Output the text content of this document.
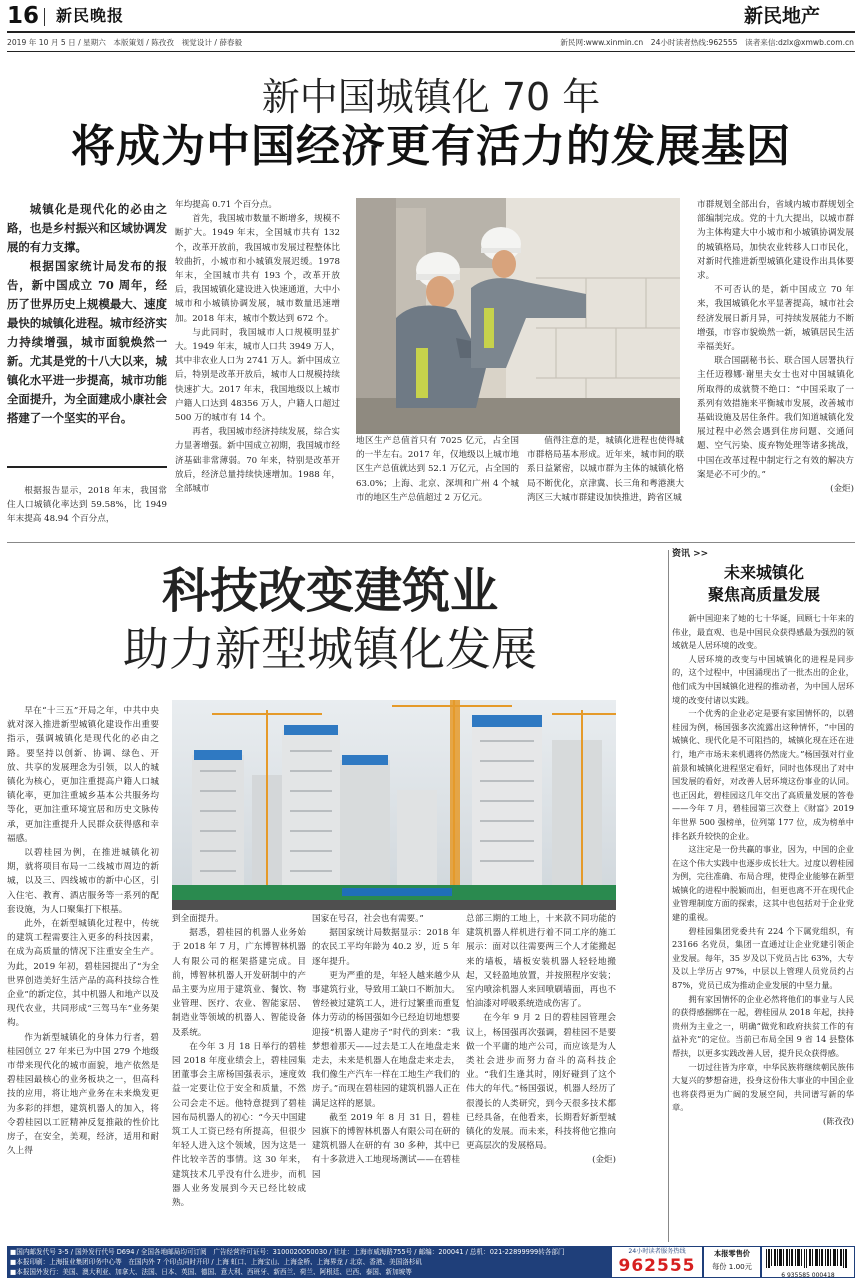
16 新民晚报	新民地产
2019 年 10 月 5 日 / 星期六　本版策划 / 陈孜孜　视觉设计 / 薛春毅	新民网:www.xinmin.cn　24小时读者热线:962555　读者来信:dzlx@xmwb.com.cn
新中国城镇化 70 年
将成为中国经济更有活力的发展基因

城镇化是现代化的必由之路，也是乡村振兴和区域协调发展的有力支撑。

根据国家统计局发布的报告，新中国成立 70 周年，经历了世界历史上规模最大、速度最快的城镇化进程。城市经济实力持续增强，城市面貌焕然一新。尤其是党的十八大以来，城镇化水平进一步提高，城市功能全面提升，为全面建成小康社会搭建了一个坚实的平台。

根据报告显示，2018 年末，我国常住人口城镇化率达到 59.58%，比 1949 年末提高 48.94 个百分点，

年均提高 0.71 个百分点。

首先，我国城市数量不断增多，规模不断扩大。1949 年末，全国城市共有 132 个，改革开放前，我国城市发展过程整体比较曲折，小城市和小城镇发展迟缓。1978 年末，全国城市共有 193 个，改革开放后，我国城镇化建设进入快速通道，大中小城市和小城镇协调发展，城市数量迅速增加。2018 年末，城市个数达到 672 个。

与此同时，我国城市人口规模明显扩大。1949 年末，城市人口共 3949 万人，其中非农业人口为 2741 万人。新中国成立后，特别是改革开放后，城市人口规模持续快速扩大。2017 年末，我国地级以上城市户籍人口达到 48356 万人，户籍人口超过 500 万的城市有 14 个。

再者，我国城市经济持续发展，综合实力显著增强。新中国成立初期，我国城市经济基础非常薄弱。70 年来，特别是改革开放后，经济总量持续快速增加。1988 年，全部城市

地区生产总值首只有 7025 亿元，占全国的一半左右。2017 年，仅地级以上城市地区生产总值就达到 52.1 万亿元，占全国的 63.0%；上海、北京、深圳和广州 4 个城市的地区生产总值超过 2 万亿元。

值得注意的是，城镇化进程也使得城市群格局基本形成。近年来，城市间的联系日益紧密，以城市群为主体的城镇化格局不断优化，京津冀、长三角和粤港澳大湾区三大城市群建设加快推进，跨省区城

市群规划全部出台，省域内城市群规划全部编制完成。党的十九大提出，以城市群为主体构建大中小城市和小城镇协调发展的城镇格局，加快农业转移人口市民化，对新时代推进新型城镇化建设作出具体要求。

不可否认的是，新中国成立 70 年来，我国城镇化水平显著提高，城市社会经济发展日新月异，可持续发展能力不断增强，市容市貌焕然一新，城镇居民生活幸福美好。

联合国副秘书长、联合国人居署执行主任迈穆娜·谢里夫女士也对中国城镇化所取得的成就赞不绝口：“中国采取了一系列有效措施来平衡城市发展，改善城市基础设施及居住条件。我们知道城镇化发展过程中必然会遇到住房问题、交通问题、空气污染、废弃物处理等诸多挑战，中国在改革过程中制定行之有效的解决方案是必不可少的。”

(金炬)

科技改变建筑业
助力新型城镇化发展

早在“十三五”开局之年，中共中央就对深入推进新型城镇化建设作出重要指示，强调城镇化是现代化的必由之路。要坚持以创新、协调、绿色、开放、共享的发展理念为引领，以人的城镇化为核心，更加注重提高户籍人口城镇化率，更加注重城乡基本公共服务均等化，更加注重环境宜居和历史文脉传承，更加注重提升人民群众获得感和幸福感。

以碧桂园为例，在推进城镇化初期，就将项目布局一二线城市周边的新城，以及三、四线城市的新中心区，引入住宅、教育、酒店服务等一系列的配套设施，为人口聚集打下根基。

此外，在新型城镇化过程中，传统的建筑工程需要注入更多的科技因素，在成为高质量的情况下注重安全生产。为此，2019 年初，碧桂园提出了“为全世界创造美好生活产品的高科技综合性企业”的新定位，其中机器人和地产以及现代农业，共同形成“三驾马车”业务架构。

作为新型城镇化的身体力行者，碧桂园创立 27 年来已为中国 279 个地级市带来现代化的城市面貌，地产依然是碧桂园最核心的业务板块之一，但高科技的应用，将让地产业务在未来焕发更为多彩的拌想，建筑机器人的加入，将令碧桂园以工匠精神反复推敲的性价比房子，在安全，美观，经济，适用和耐久上得

到全面提升。

据悉，碧桂园的机器人业务始于 2018 年 7 月，广东博智林机器人有限公司的框架搭建完成。目前，博智林机器人开发研制中的产品主要为应用于建筑业、餐饮、物业管理、医疗、农业、智能家居、制造业等领域的机器人、智能设备及系统。

在今年 3 月 18 日举行的碧桂园 2018 年度业绩会上，碧桂园集团董事会主席杨国强表示，速度效益一定要让位于安全和质量，不然公司会走不远。他特意提到了碧桂园布局机器人的初心：“今天中国建筑工人工资已经有所提高，但很少年轻人进入这个领域，因为这是一件比较辛苦的事情。这 30 年来，建筑技术几乎没有什么进步，而机器人业务发展到今天已经比较成熟。

国家在号召，社会也有需要。”

据国家统计局数据显示：2018 年的农民工平均年龄为 40.2 岁，近 5 年逐年提升。

更为严重的是，年轻人越来越少从事建筑行业，导致用工缺口不断加大。曾经被过建筑工人，进行过繁重而重复体力劳动的杨国强如今已经迫切地想要迎接“机器人建房子”时代的到来：“我梦想着那天——过去是工人在地盘走来走去，未来是机器人在地盘走来走去，我们像生产汽车一样在工地生产我们的房子。”而现在碧桂园的建筑机器人正在满足这样的愿景。

截至 2019 年 8 月 31 日，碧桂园旗下的博智林机器人有限公司在研的建筑机器人在研的有 30 多种，其中已有十多款进入工地现场测试——在碧桂园

总部三期的工地上，十来款不同功能的建筑机器人样机进行着不同工序的施工展示：面对以往需要两三个人才能搬起来的墙板，墙板安装机器人轻轻地搬起，又轻盈地放置，并按照程序安装；室内喷涂机器人来回喷刷墙面，再也不怕油漆对呼吸系统造成伤害了。

在今年 9 月 2 日的碧桂园管理会议上，杨国强再次强调，碧桂园不是要做一个平庸的地产公司，而应该是为人类社会进步而努力奋斗的高科技企业。“我们生逢其时，刚好碰到了这个伟大的年代。”杨国强说，机器人经历了很漫长的人类研究，到今天很多技术都已经具备，在他看来，长期看好新型城镇化的发展。而未来，科技将他它推向更高层次的发展格局。

(金炬)

资讯 >>
未来城镇化
聚焦高质量发展

新中国迎来了她的七十华诞，回顾七十年来的伟业，最直观、也是中国民众获得感最为强烈的领域就是人居环境的改变。

人居环境的改变与中国城镇化的进程是同步的，这个过程中，中国涌现出了一批杰出的企业，他们成为中国城镇化进程的推动者，为中国人居环境的改变付诸以实践。

一个优秀的企业必定是要有家国情怀的，以碧桂园为例，杨国强多次流露出这种情怀，“中国的城镇化、现代化是不可阻挡的，城镇化现在还在进行，地产市场未来机遇将仍然庞大。”杨国强对行业前景和城镇化进程坚定看好，同时也体现出了对中国发展的看好，对改善人居环境这份事业的认同。也正因此，碧桂园这几年交出了高质量发展的答卷——今年 7 月，碧桂园第三次登上《财富》2019 年世界 500 强榜单，位列第 177 位，成为榜单中排名跃升较快的企业。

这注定是一份共赢的事业，因为，中国的企业在这个伟大实践中也逐步成长壮大。过度以碧桂园为例，完往准确、布局合理，使得企业能够在新型城镇化的进程中脱颖而出，但更也离不开在现代企业管理制度方面的探索，这其中也包括对于企业党建的重视。

碧桂园集团党委共有 224 个下属党组织，有 23166 名党员，集团一直通过让企业党建引领企业发展。每年，35 岁及以下党员占比 63%，大专及以上学历占 97%，中层以上管理人员党员约占 87%，党员已成为推动企业发展的中坚力量。

拥有家国情怀的企业必然将他们的事业与人民的获得感捆绑在一起，碧桂园从 2018 年起，扶持贵州为主业之一，明确“做党和政府扶贫工作的有益补充”的定位。当前已布局全国 9 省 14 县整体帮扶，以更多实践改善人居，提升民众获得感。

一切过往皆为序章，中华民族将继续朝民族伟大复兴的梦想奋进，投身这份伟大事业的中国企业也将获得更为广阔的发展空间，共同谱写新的华章。

(陈孜孜)

■国内邮发代号 3-5 / 国外发行代号 D694 / 全国各地邮局均可订阅　广告经营许可证号：3100020050030 / 社址：上海市威海路755号 / 邮编：200041 / 总机：021-22899999转各部门
■本报印刷：上海报业集团印务中心等　在国内外 7 个印点同时开印 / 上海 虹口、上海宝山、上海金桥、上海界龙 / 北京、香港、美国洛杉矶
■本报国外发行：美国、澳大利亚、加拿大、法国、日本、英国、德国、意大利、西班牙、新西兰、荷兰、阿根廷、巴西、泰国、新加坡等
24小时读者服务热线
962555
本报零售价
每份 1.00元
6 935585 000418
